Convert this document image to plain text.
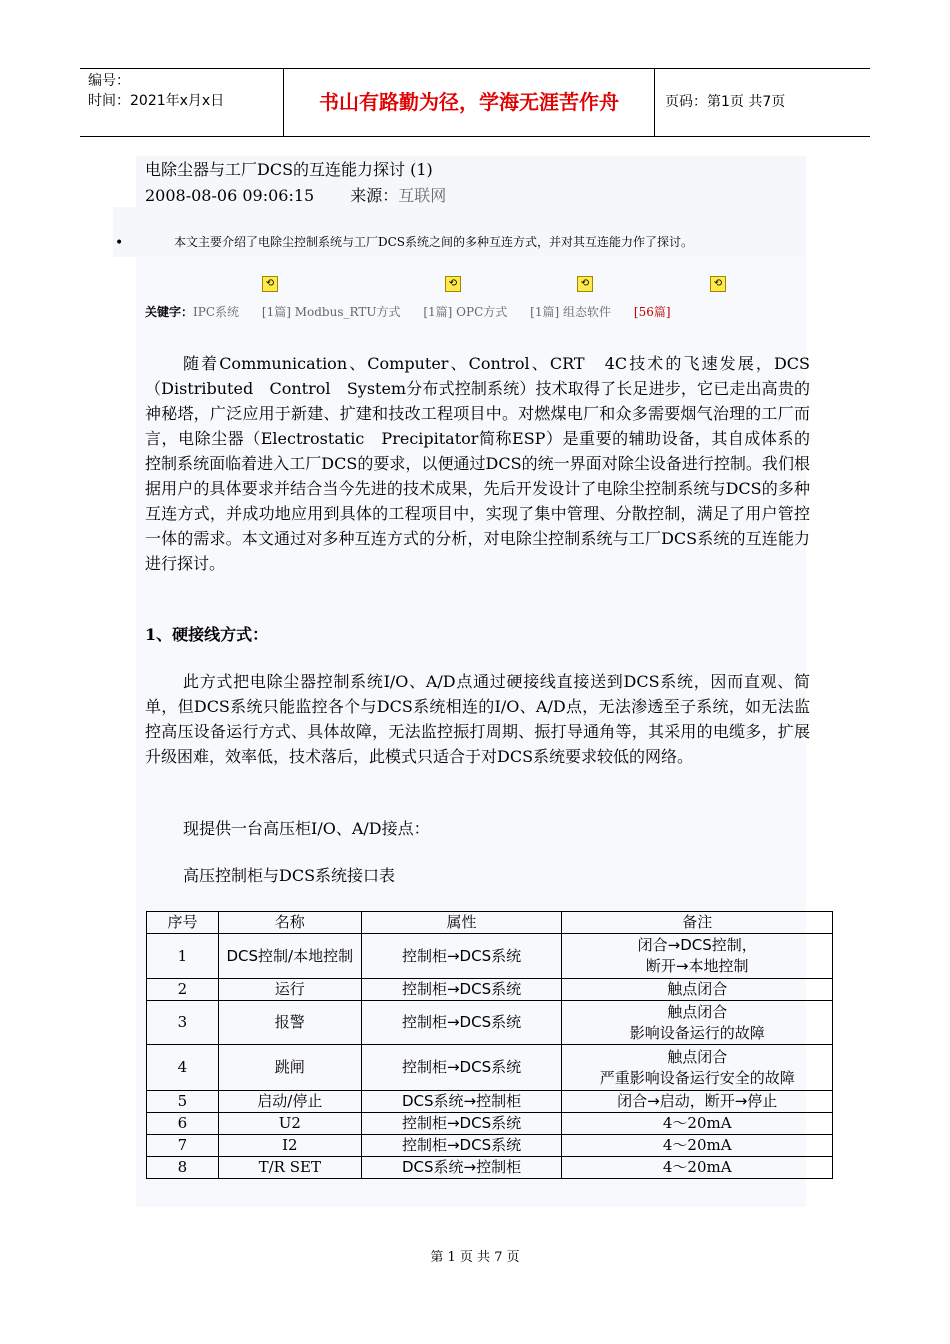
编号：
时间：2021年x月x日	书山有路勤为径，学海无涯苦作舟	页码：第1页 共7页
电除尘器与工厂DCS的互连能力探讨 (1)
2008-08-06 09:06:15 来源：互联网
•	本文主要介绍了电除尘控制系统与工厂DCS系统之间的多种互连方式，并对其互连能力作了探讨。
⟲	⟲	⟲	⟲
关键字：IPC系统 [1篇] Modbus_RTU方式 [1篇] OPC方式 [1篇] 组态软件 [56篇]
随着Communication、Computer、Control、CRT　4C技术的飞速发展，DCS（Distributed　Control　System分布式控制系统）技术取得了长足进步，它已走出高贵的神秘塔，广泛应用于新建、扩建和技改工程项目中。对燃煤电厂和众多需要烟气治理的工厂而言，电除尘器（Electrostatic　Precipitator简称ESP）是重要的辅助设备，其自成体系的控制系统面临着进入工厂DCS的要求，以便通过DCS的统一界面对除尘设备进行控制。我们根据用户的具体要求并结合当今先进的技术成果，先后开发设计了电除尘控制系统与DCS的多种互连方式，并成功地应用到具体的工程项目中，实现了集中管理、分散控制，满足了用户管控一体的需求。本文通过对多种互连方式的分析，对电除尘控制系统与工厂DCS系统的互连能力进行探讨。
1、硬接线方式：
此方式把电除尘器控制系统I/O、A/D点通过硬接线直接送到DCS系统，因而直观、简单，但DCS系统只能监控各个与DCS系统相连的I/O、A/D点，无法渗透至子系统，如无法监控高压设备运行方式、具体故障，无法监控振打周期、振打导通角等，其采用的电缆多，扩展升级困难，效率低，技术落后，此模式只适合于对DCS系统要求较低的网络。
现提供一台高压柜I/O、A/D接点：
高压控制柜与DCS系统接口表
序号	名称	属性	备注
1	DCS控制/本地控制	控制柜→DCS系统	闭合→DCS控制，
断开→本地控制

2	运行	控制柜→DCS系统	触点闭合
3	报警	控制柜→DCS系统	触点闭合
影响设备运行的故障

4	跳闸	控制柜→DCS系统	触点闭合
严重影响设备运行安全的故障

5	启动/停止	DCS系统→控制柜	闭合→启动，断开→停止
6	U2	控制柜→DCS系统	4～20mA
7	I2	控制柜→DCS系统	4～20mA
8	T/R SET	DCS系统→控制柜	4～20mA
第 1 页 共 7 页
